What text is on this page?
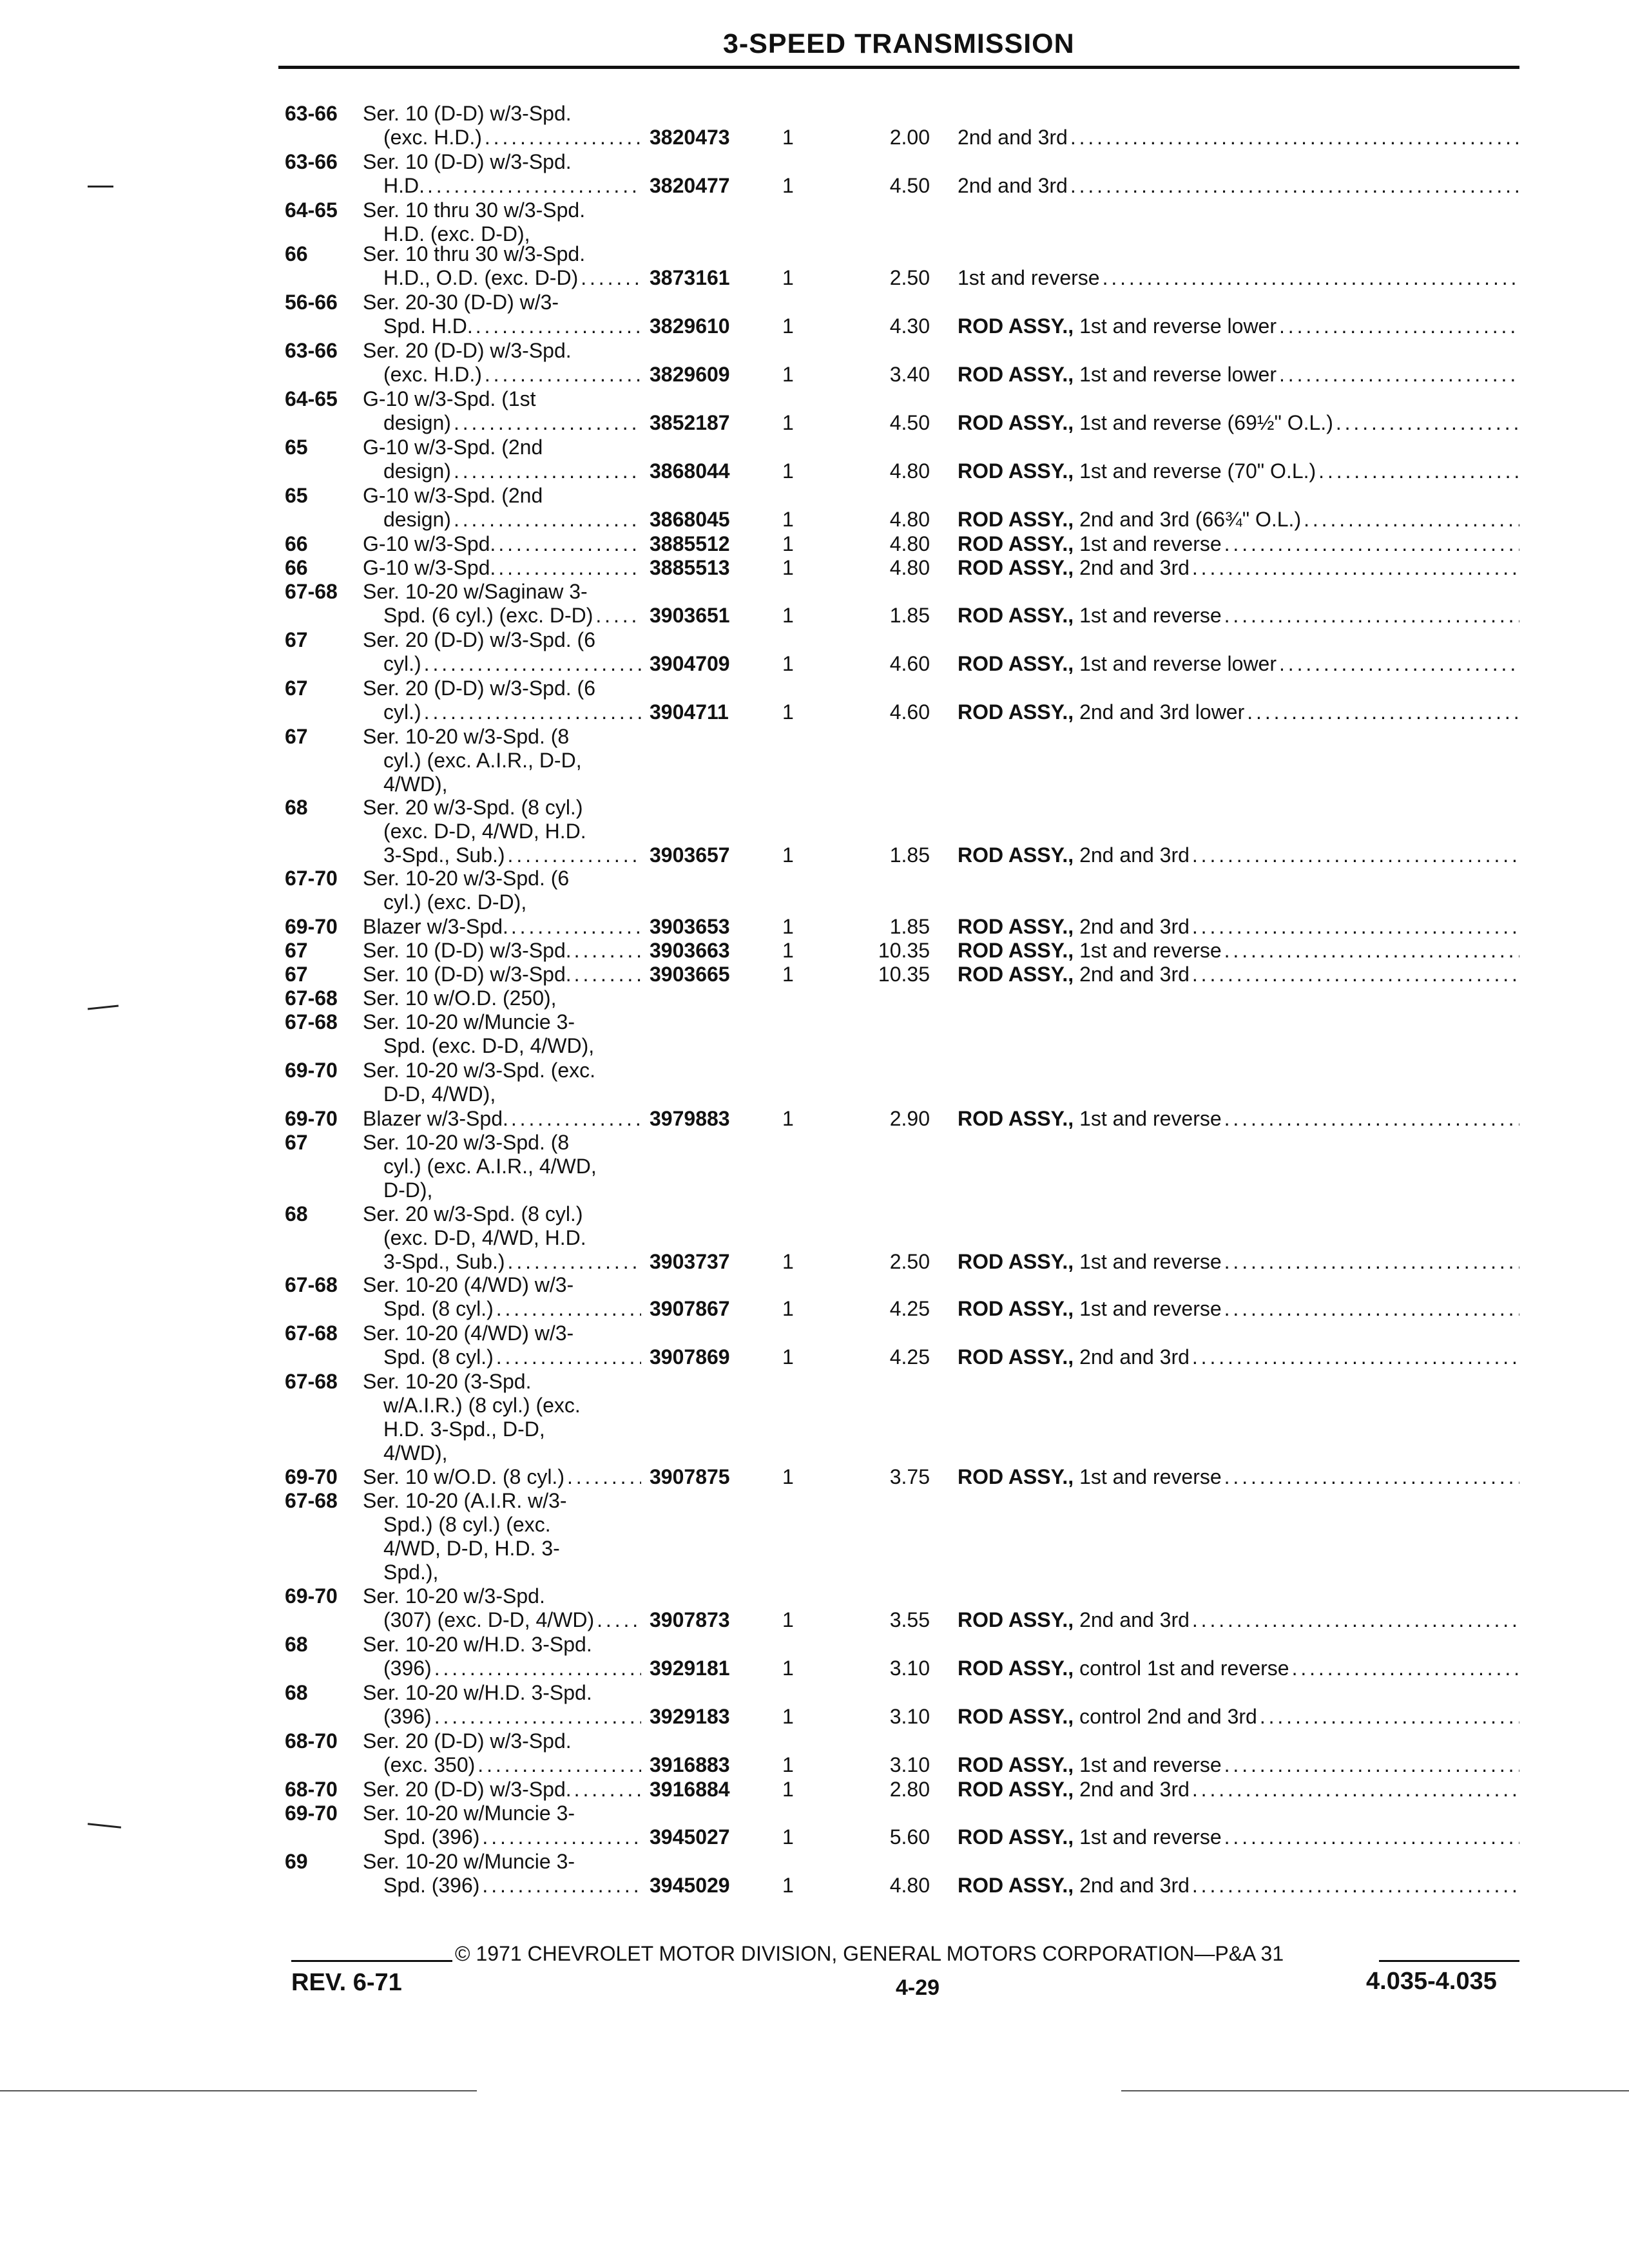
3-SPEED TRANSMISSION
63-66 Ser. 10 (D-D) w/3-Spd.
(exc. H.D.) . . .	3820473	1	2.00 2nd and 3rd
. . .
63-66 Ser. 10 (D-D) w/3-Spd.
H.D. . . .	3820477	1	4.50 2nd and 3rd
. . .
64-65 Ser. 10 thru 30 w/3-Spd.
H.D. (exc. D-D),
66	Ser. 10 thru 30 w/3-Spd.
H.D., O.D. (exc. D-D) . . .	3873161	1	2.50 1st and reverse
. . .
56-66 Ser. 20-30 (D-D) w/3-
Spd. H.D. . . .	3829610	1	4.30 ROD ASSY., 1st and reverse lower
. . .
63-66 Ser. 20 (D-D) w/3-Spd.
(exc. H.D.) . . .	3829609	1	3.40 ROD ASSY., 1st and reverse lower
. . .
64-65 G-10 w/3-Spd. (1st
design) . . .	3852187	1	4.50 ROD ASSY., 1st and reverse (69½" O.L.)
. . .
65	G-10 w/3-Spd. (2nd
design) . . .	3868044	1	4.80 ROD ASSY., 1st and reverse (70" O.L.)
. . .
65	G-10 w/3-Spd. (2nd
design) . . .	3868045	1	4.80 ROD ASSY., 2nd and 3rd (66¾" O.L.)
. . .
66	G-10 w/3-Spd. . . .	3885512	1	4.80 ROD ASSY., 1st and reverse
. . .
66	G-10 w/3-Spd. . . .	3885513	1	4.80 ROD ASSY., 2nd and 3rd
. . .
67-68 Ser. 10-20 w/Saginaw 3-
Spd. (6 cyl.) (exc. D-D) . . .	3903651	1	1.85 ROD ASSY., 1st and reverse
. . .
67	Ser. 20 (D-D) w/3-Spd. (6
cyl.) . . .	3904709	1	4.60 ROD ASSY., 1st and reverse lower
. . .
67	Ser. 20 (D-D) w/3-Spd. (6
cyl.) . . .	3904711	1	4.60 ROD ASSY., 2nd and 3rd lower
. . .
67	Ser. 10-20 w/3-Spd. (8
cyl.) (exc. A.I.R., D-D,
4/WD),
68	Ser. 20 w/3-Spd. (8 cyl.)
(exc. D-D, 4/WD, H.D.
3-Spd., Sub.) . . .	3903657	1	1.85 ROD ASSY., 2nd and 3rd
. . .
67-70 Ser. 10-20 w/3-Spd. (6
cyl.) (exc. D-D),
69-70 Blazer w/3-Spd. . . .	3903653	1	1.85 ROD ASSY., 2nd and 3rd
. . .
67	Ser. 10 (D-D) w/3-Spd. . . .	3903663	1	10.35 ROD ASSY., 1st and reverse
. . .
67	Ser. 10 (D-D) w/3-Spd. . . .	3903665	1	10.35 ROD ASSY., 2nd and 3rd
. . .
67-68 Ser. 10 w/O.D. (250),
67-68 Ser. 10-20 w/Muncie 3-
Spd. (exc. D-D, 4/WD),
69-70 Ser. 10-20 w/3-Spd. (exc.
D-D, 4/WD),
69-70 Blazer w/3-Spd. . . .	3979883	1	2.90 ROD ASSY., 1st and reverse
. . .
67	Ser. 10-20 w/3-Spd. (8
cyl.) (exc. A.I.R., 4/WD,
D-D),
68	Ser. 20 w/3-Spd. (8 cyl.)
(exc. D-D, 4/WD, H.D.
3-Spd., Sub.) . . .	3903737	1	2.50 ROD ASSY., 1st and reverse
. . .
67-68 Ser. 10-20 (4/WD) w/3-
Spd. (8 cyl.) . . .	3907867	1	4.25 ROD ASSY., 1st and reverse
. . .
67-68 Ser. 10-20 (4/WD) w/3-
Spd. (8 cyl.) . . .	3907869	1	4.25 ROD ASSY., 2nd and 3rd
. . .
67-68 Ser. 10-20 (3-Spd.
w/A.I.R.) (8 cyl.) (exc.
H.D. 3-Spd., D-D,
4/WD),
69-70 Ser. 10 w/O.D. (8 cyl.) . . .	3907875	1	3.75 ROD ASSY., 1st and reverse
. . .
67-68 Ser. 10-20 (A.I.R. w/3-
Spd.) (8 cyl.) (exc.
4/WD, D-D, H.D. 3-
Spd.),
69-70 Ser. 10-20 w/3-Spd.
(307) (exc. D-D, 4/WD) . . .	3907873	1	3.55 ROD ASSY., 2nd and 3rd
. . .
68	Ser. 10-20 w/H.D. 3-Spd.
(396) . . .	3929181	1	3.10 ROD ASSY., control 1st and reverse
. . .
68	Ser. 10-20 w/H.D. 3-Spd.
(396) . . .	3929183	1	3.10 ROD ASSY., control 2nd and 3rd
. . .
68-70 Ser. 20 (D-D) w/3-Spd.
(exc. 350) . . .	3916883	1	3.10 ROD ASSY., 1st and reverse
. . .
68-70 Ser. 20 (D-D) w/3-Spd. . . .	3916884	1	2.80 ROD ASSY., 2nd and 3rd
. . .
69-70 Ser. 10-20 w/Muncie 3-
Spd. (396) . . .	3945027	1	5.60 ROD ASSY., 1st and reverse
. . .
69	Ser. 10-20 w/Muncie 3-
Spd. (396) . . .	3945029	1	4.80 ROD ASSY., 2nd and 3rd
. . .
© 1971 CHEVROLET MOTOR DIVISION, GENERAL MOTORS CORPORATION—P&A 31
REV. 6-71	4-29	4.035-4.035
